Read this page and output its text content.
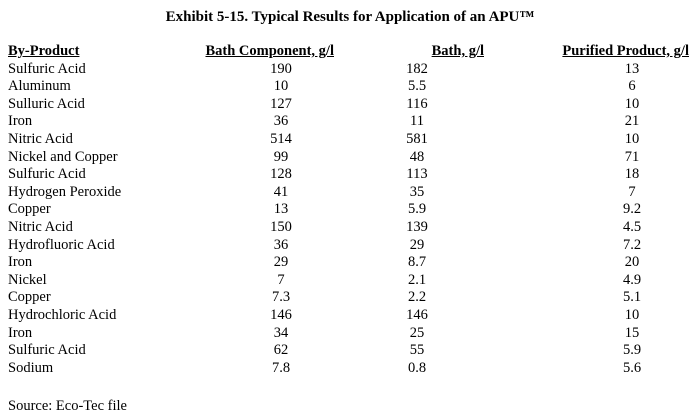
Exhibit 5-15. Typical Results for Application of an APU™
By-Product	Bath Component, g/l	Bath, g/l	Purified Product, g/l
Sulfuric Acid	190	182	13
Aluminum	10	5.5	6
Sulluric Acid	127	116	10
Iron	36	11	21
Nitric Acid	514	581	10
Nickel and Copper	99	48	71
Sulfuric Acid	128	113	18
Hydrogen Peroxide	41	35	7
Copper	13	5.9	9.2
Nitric Acid	150	139	4.5
Hydrofluoric Acid	36	29	7.2
Iron	29	8.7	20
Nickel	7	2.1	4.9
Copper	7.3	2.2	5.1
Hydrochloric Acid	146	146	10
Iron	34	25	15
Sulfuric Acid	62	55	5.9
Sodium	7.8	0.8	5.6
Source: Eco-Tec file
